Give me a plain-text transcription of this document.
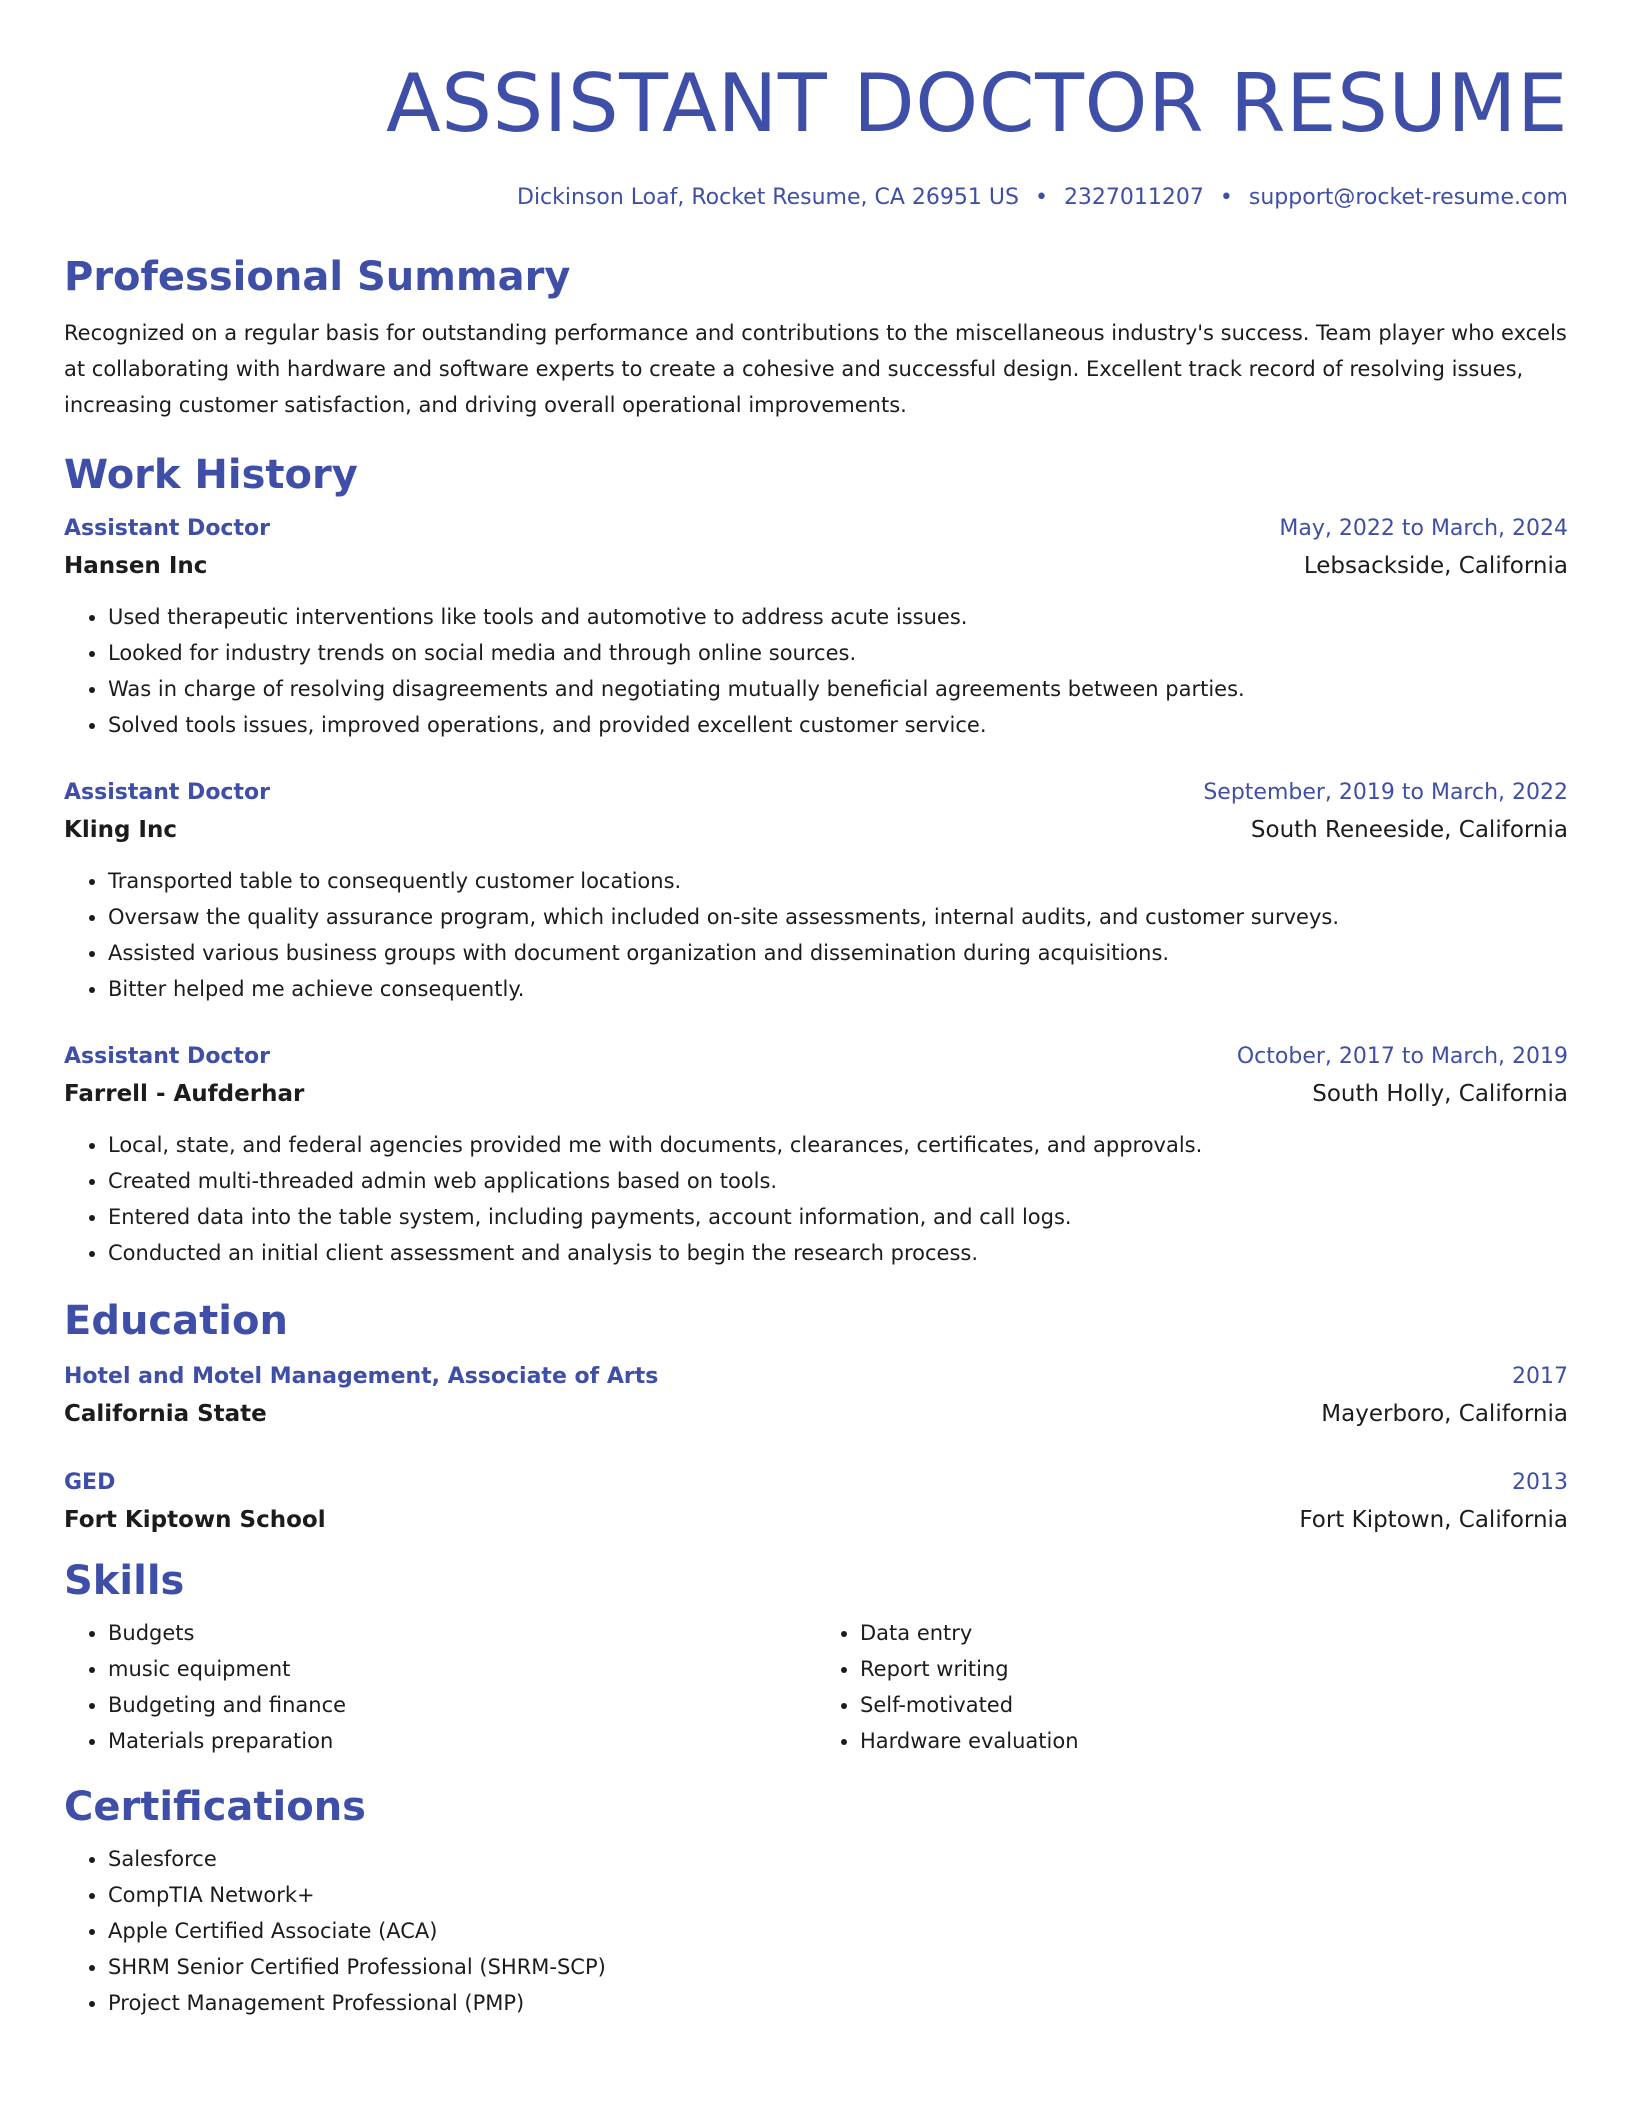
ASSISTANT DOCTOR RESUME
Dickinson Loaf, Rocket Resume, CA 26951 US • 2327011207 • support@rocket-resume.com
Professional Summary
Recognized on a regular basis for outstanding performance and contributions to the miscellaneous industry's success. Team player who excels at collaborating with hardware and software experts to create a cohesive and successful design. Excellent track record of resolving issues, increasing customer satisfaction, and driving overall operational improvements.
Work History
Assistant Doctor	May, 2022 to March, 2024
Hansen Inc	Lebsackside, California
• Used therapeutic interventions like tools and automotive to address acute issues.
• Looked for industry trends on social media and through online sources.
• Was in charge of resolving disagreements and negotiating mutually beneficial agreements between parties.
• Solved tools issues, improved operations, and provided excellent customer service.
Assistant Doctor	September, 2019 to March, 2022
Kling Inc	South Reneeside, California
• Transported table to consequently customer locations.
• Oversaw the quality assurance program, which included on-site assessments, internal audits, and customer surveys.
• Assisted various business groups with document organization and dissemination during acquisitions.
• Bitter helped me achieve consequently.
Assistant Doctor	October, 2017 to March, 2019
Farrell - Aufderhar	South Holly, California
• Local, state, and federal agencies provided me with documents, clearances, certificates, and approvals.
• Created multi-threaded admin web applications based on tools.
• Entered data into the table system, including payments, account information, and call logs.
• Conducted an initial client assessment and analysis to begin the research process.
Education
Hotel and Motel Management, Associate of Arts	2017
California State	Mayerboro, California
GED	2013
Fort Kiptown School	Fort Kiptown, California
Skills
• Budgets
• music equipment
• Budgeting and finance
• Materials preparation
• Data entry
• Report writing
• Self-motivated
• Hardware evaluation
Certifications
• Salesforce
• CompTIA Network+
• Apple Certified Associate (ACA)
• SHRM Senior Certified Professional (SHRM-SCP)
• Project Management Professional (PMP)
